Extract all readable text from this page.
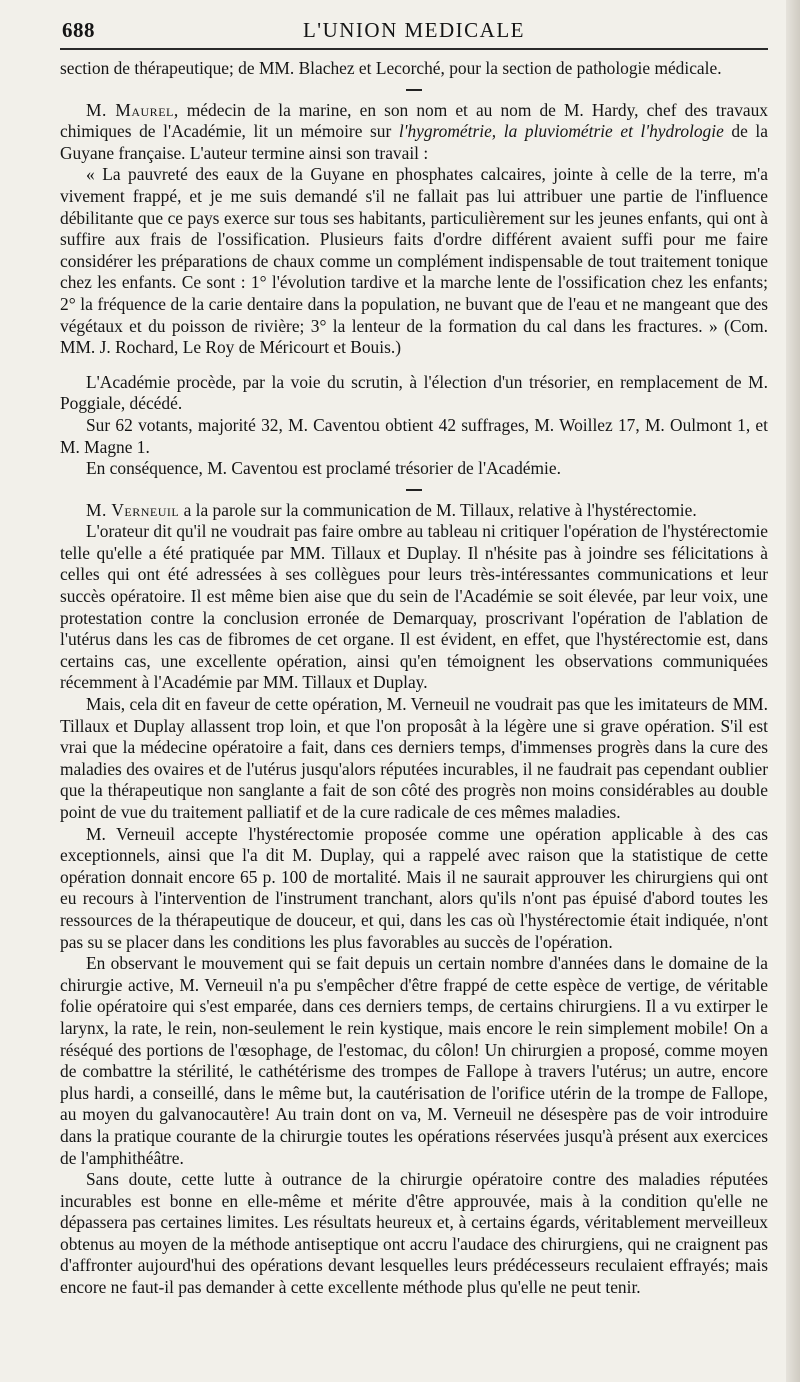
688	L'UNION MEDICALE

section de thérapeutique; de MM. Blachez et Lecorché, pour la section de pathologie médicale.

M. Maurel, médecin de la marine, en son nom et au nom de M. Hardy, chef des travaux chimiques de l'Académie, lit un mémoire sur l'hygrométrie, la pluviométrie et l'hydrologie de la Guyane française. L'auteur termine ainsi son travail :

« La pauvreté des eaux de la Guyane en phosphates calcaires, jointe à celle de la terre, m'a vivement frappé, et je me suis demandé s'il ne fallait pas lui attribuer une partie de l'influence débilitante que ce pays exerce sur tous ses habitants, particulièrement sur les jeunes enfants, qui ont à suffire aux frais de l'ossification. Plusieurs faits d'ordre différent avaient suffi pour me faire considérer les préparations de chaux comme un complément indispensable de tout traitement tonique chez les enfants. Ce sont : 1° l'évolution tardive et la marche lente de l'ossification chez les enfants; 2° la fréquence de la carie dentaire dans la population, ne buvant que de l'eau et ne mangeant que des végétaux et du poisson de rivière; 3° la lenteur de la formation du cal dans les fractures. » (Com. MM. J. Rochard, Le Roy de Méricourt et Bouis.)

L'Académie procède, par la voie du scrutin, à l'élection d'un trésorier, en remplacement de M. Poggiale, décédé.

Sur 62 votants, majorité 32, M. Caventou obtient 42 suffrages, M. Woillez 17, M. Oulmont 1, et M. Magne 1.

En conséquence, M. Caventou est proclamé trésorier de l'Académie.

M. Verneuil a la parole sur la communication de M. Tillaux, relative à l'hystérectomie.

L'orateur dit qu'il ne voudrait pas faire ombre au tableau ni critiquer l'opération de l'hystérectomie telle qu'elle a été pratiquée par MM. Tillaux et Duplay. Il n'hésite pas à joindre ses félicitations à celles qui ont été adressées à ses collègues pour leurs très-intéressantes communications et leur succès opératoire. Il est même bien aise que du sein de l'Académie se soit élevée, par leur voix, une protestation contre la conclusion erronée de Demarquay, proscrivant l'opération de l'ablation de l'utérus dans les cas de fibromes de cet organe. Il est évident, en effet, que l'hystérectomie est, dans certains cas, une excellente opération, ainsi qu'en témoignent les observations communiquées récemment à l'Académie par MM. Tillaux et Duplay.

Mais, cela dit en faveur de cette opération, M. Verneuil ne voudrait pas que les imitateurs de MM. Tillaux et Duplay allassent trop loin, et que l'on proposât à la légère une si grave opération. S'il est vrai que la médecine opératoire a fait, dans ces derniers temps, d'immenses progrès dans la cure des maladies des ovaires et de l'utérus jusqu'alors réputées incurables, il ne faudrait pas cependant oublier que la thérapeutique non sanglante a fait de son côté des progrès non moins considérables au double point de vue du traitement palliatif et de la cure radicale de ces mêmes maladies.

M. Verneuil accepte l'hystérectomie proposée comme une opération applicable à des cas exceptionnels, ainsi que l'a dit M. Duplay, qui a rappelé avec raison que la statistique de cette opération donnait encore 65 p. 100 de mortalité. Mais il ne saurait approuver les chirurgiens qui ont eu recours à l'intervention de l'instrument tranchant, alors qu'ils n'ont pas épuisé d'abord toutes les ressources de la thérapeutique de douceur, et qui, dans les cas où l'hystérectomie était indiquée, n'ont pas su se placer dans les conditions les plus favorables au succès de l'opération.

En observant le mouvement qui se fait depuis un certain nombre d'années dans le domaine de la chirurgie active, M. Verneuil n'a pu s'empêcher d'être frappé de cette espèce de vertige, de véritable folie opératoire qui s'est emparée, dans ces derniers temps, de certains chirurgiens. Il a vu extirper le larynx, la rate, le rein, non-seulement le rein kystique, mais encore le rein simplement mobile! On a réséqué des portions de l'œsophage, de l'estomac, du côlon! Un chirurgien a proposé, comme moyen de combattre la stérilité, le cathétérisme des trompes de Fallope à travers l'utérus; un autre, encore plus hardi, a conseillé, dans le même but, la cautérisation de l'orifice utérin de la trompe de Fallope, au moyen du galvanocautère! Au train dont on va, M. Verneuil ne désespère pas de voir introduire dans la pratique courante de la chirurgie toutes les opérations réservées jusqu'à présent aux exercices de l'amphithéâtre.

Sans doute, cette lutte à outrance de la chirurgie opératoire contre des maladies réputées incurables est bonne en elle-même et mérite d'être approuvée, mais à la condition qu'elle ne dépassera pas certaines limites. Les résultats heureux et, à certains égards, véritablement merveilleux obtenus au moyen de la méthode antiseptique ont accru l'audace des chirurgiens, qui ne craignent pas d'affronter aujourd'hui des opérations devant lesquelles leurs prédécesseurs reculaient effrayés; mais encore ne faut-il pas demander à cette excellente méthode plus qu'elle ne peut tenir.
